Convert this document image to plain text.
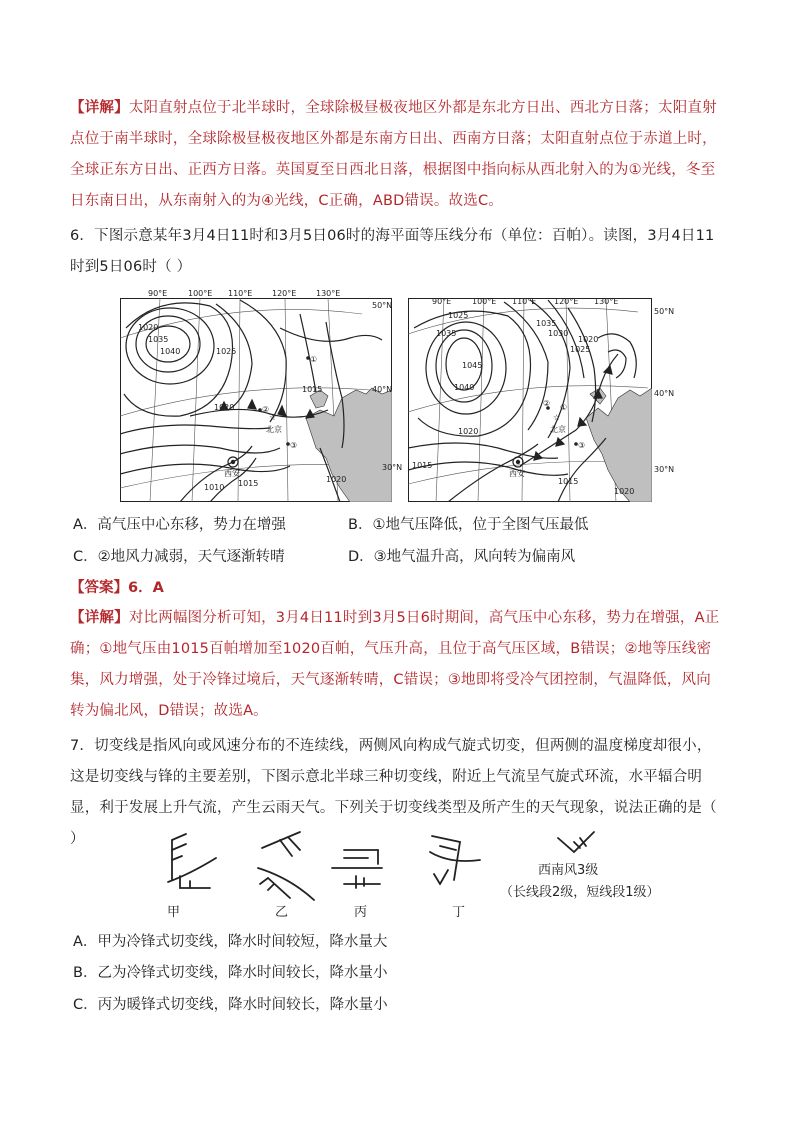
【详解】太阳直射点位于北半球时，全球除极昼极夜地区外都是东北方日出、西北方日落；太阳直射点位于南半球时，全球除极昼极夜地区外都是东南方日出、西南方日落；太阳直射点位于赤道上时，全球正东方日出、正西方日落。英国夏至日西北日落，根据图中指向标从西北射入的为①光线，冬至日东南日出，从东南射入的为④光线，C正确，ABD错误。故选C。
6．下图示意某年3月4日11时和3月5日06时的海平面等压线分布（单位：百帕）。读图，3月4日11时到5日06时（ ）
☆
北京
西安
①
②
③
1020
1035
1040	1025
1015
1020
1010 1015	1020
90°E	100°E 110°E 120°E 130°E
50°N
40°N
30°N
☆
北京
西安
②
③
①
1025
1035
1035
1030
1025
1020
1045
1040
1020
1015
1015
1020
90°E	100°E 110°E 120°E 130°E
50°N
40°N
30°N
A．高气压中心东移，势力在增强	B．①地气压降低，位于全图气压最低
C．②地风力减弱，天气逐渐转晴	D．③地气温升高，风向转为偏南风
【答案】6．A
【详解】对比两幅图分析可知，3月4日11时到3月5日6时期间，高气压中心东移，势力在增强，A正确；①地气压由1015百帕增加至1020百帕，气压升高，且位于高气压区域，B错误；②地等压线密集，风力增强，处于冷锋过境后，天气逐渐转晴，C错误；③地即将受冷气团控制，气温降低，风向转为偏北风，D错误；故选A。
7．切变线是指风向或风速分布的不连续线，两侧风向构成气旋式切变，但两侧的温度梯度却很小，这是切变线与锋的主要差别，下图示意北半球三种切变线，附近上气流呈气旋式环流，水平辐合明显，利于发展上升气流，产生云雨天气。下列关于切变线类型及所产生的天气现象，说法正确的是（ ）
甲	乙	丙	丁
西南风3级
（长线段2级，短线段1级）
A．甲为冷锋式切变线，降水时间较短，降水量大
B．乙为冷锋式切变线，降水时间较长，降水量小
C．丙为暖锋式切变线，降水时间较长，降水量小
